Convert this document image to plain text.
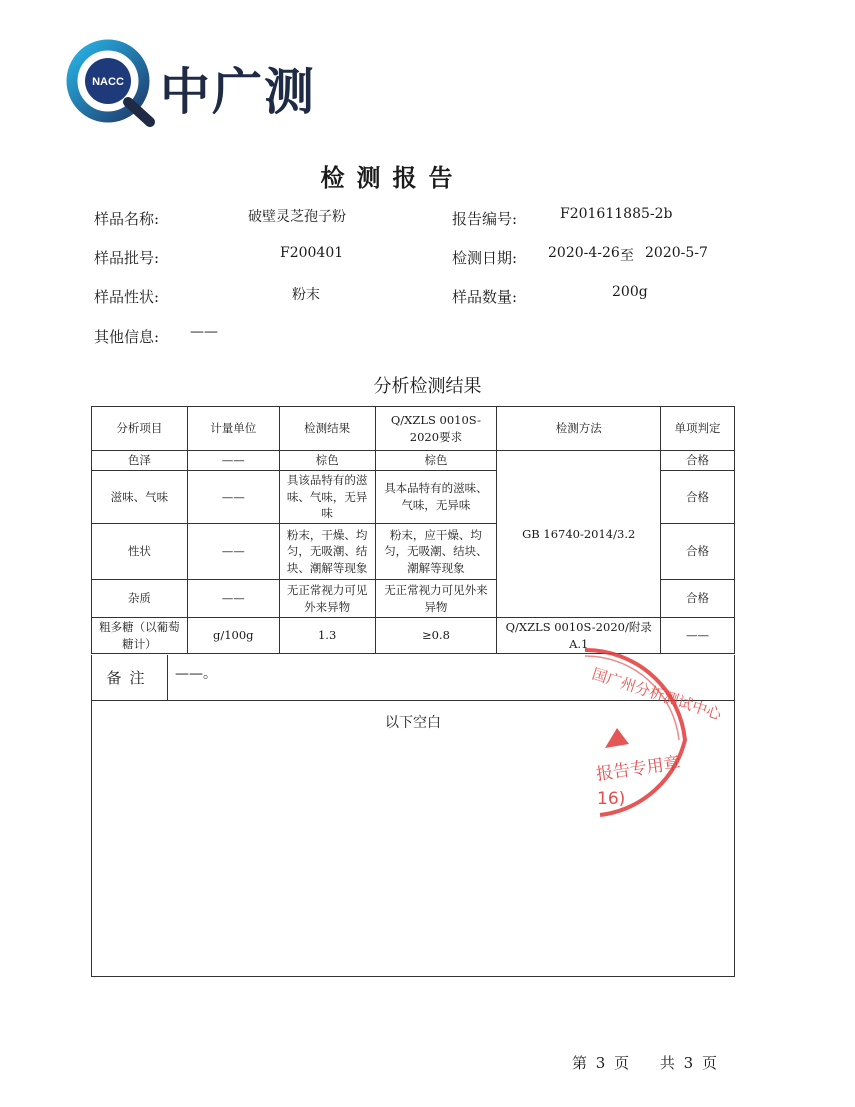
NACC 中广测
检测报告
样品名称:	破壁灵芝孢子粉	报告编号:	F201611885-2b
样品批号:	F200401	检测日期: 2020-4-26 至 2020-5-7
样品性状:	粉末	样品数量:	200g
其他信息: ——
分析检测结果
分析项目	计量单位	检测结果	Q/XZLS 0010S-2020要求	检测方法	单项判定
色泽	——	棕色	棕色	GB 16740-2014/3.2	合格
滋味、气味	——	具该品特有的滋味、气味，无异味	具本品特有的滋味、气味，无异味		合格
性状	——	粉末，干燥、均匀，无吸潮、结块、潮解等现象	粉末，应干燥、均匀，无吸潮、结块、潮解等现象		合格
杂质	——	无正常视力可见外来异物	无正常视力可见外来异物		合格
粗多糖（以葡萄糖计）	g/100g	1.3	≥0.8	Q/XZLS 0010S-2020/附录A.1	——
备注	——。
以下空白	国广州分析测试中心
报告专用章
16)
第 3 页 共 3 页
